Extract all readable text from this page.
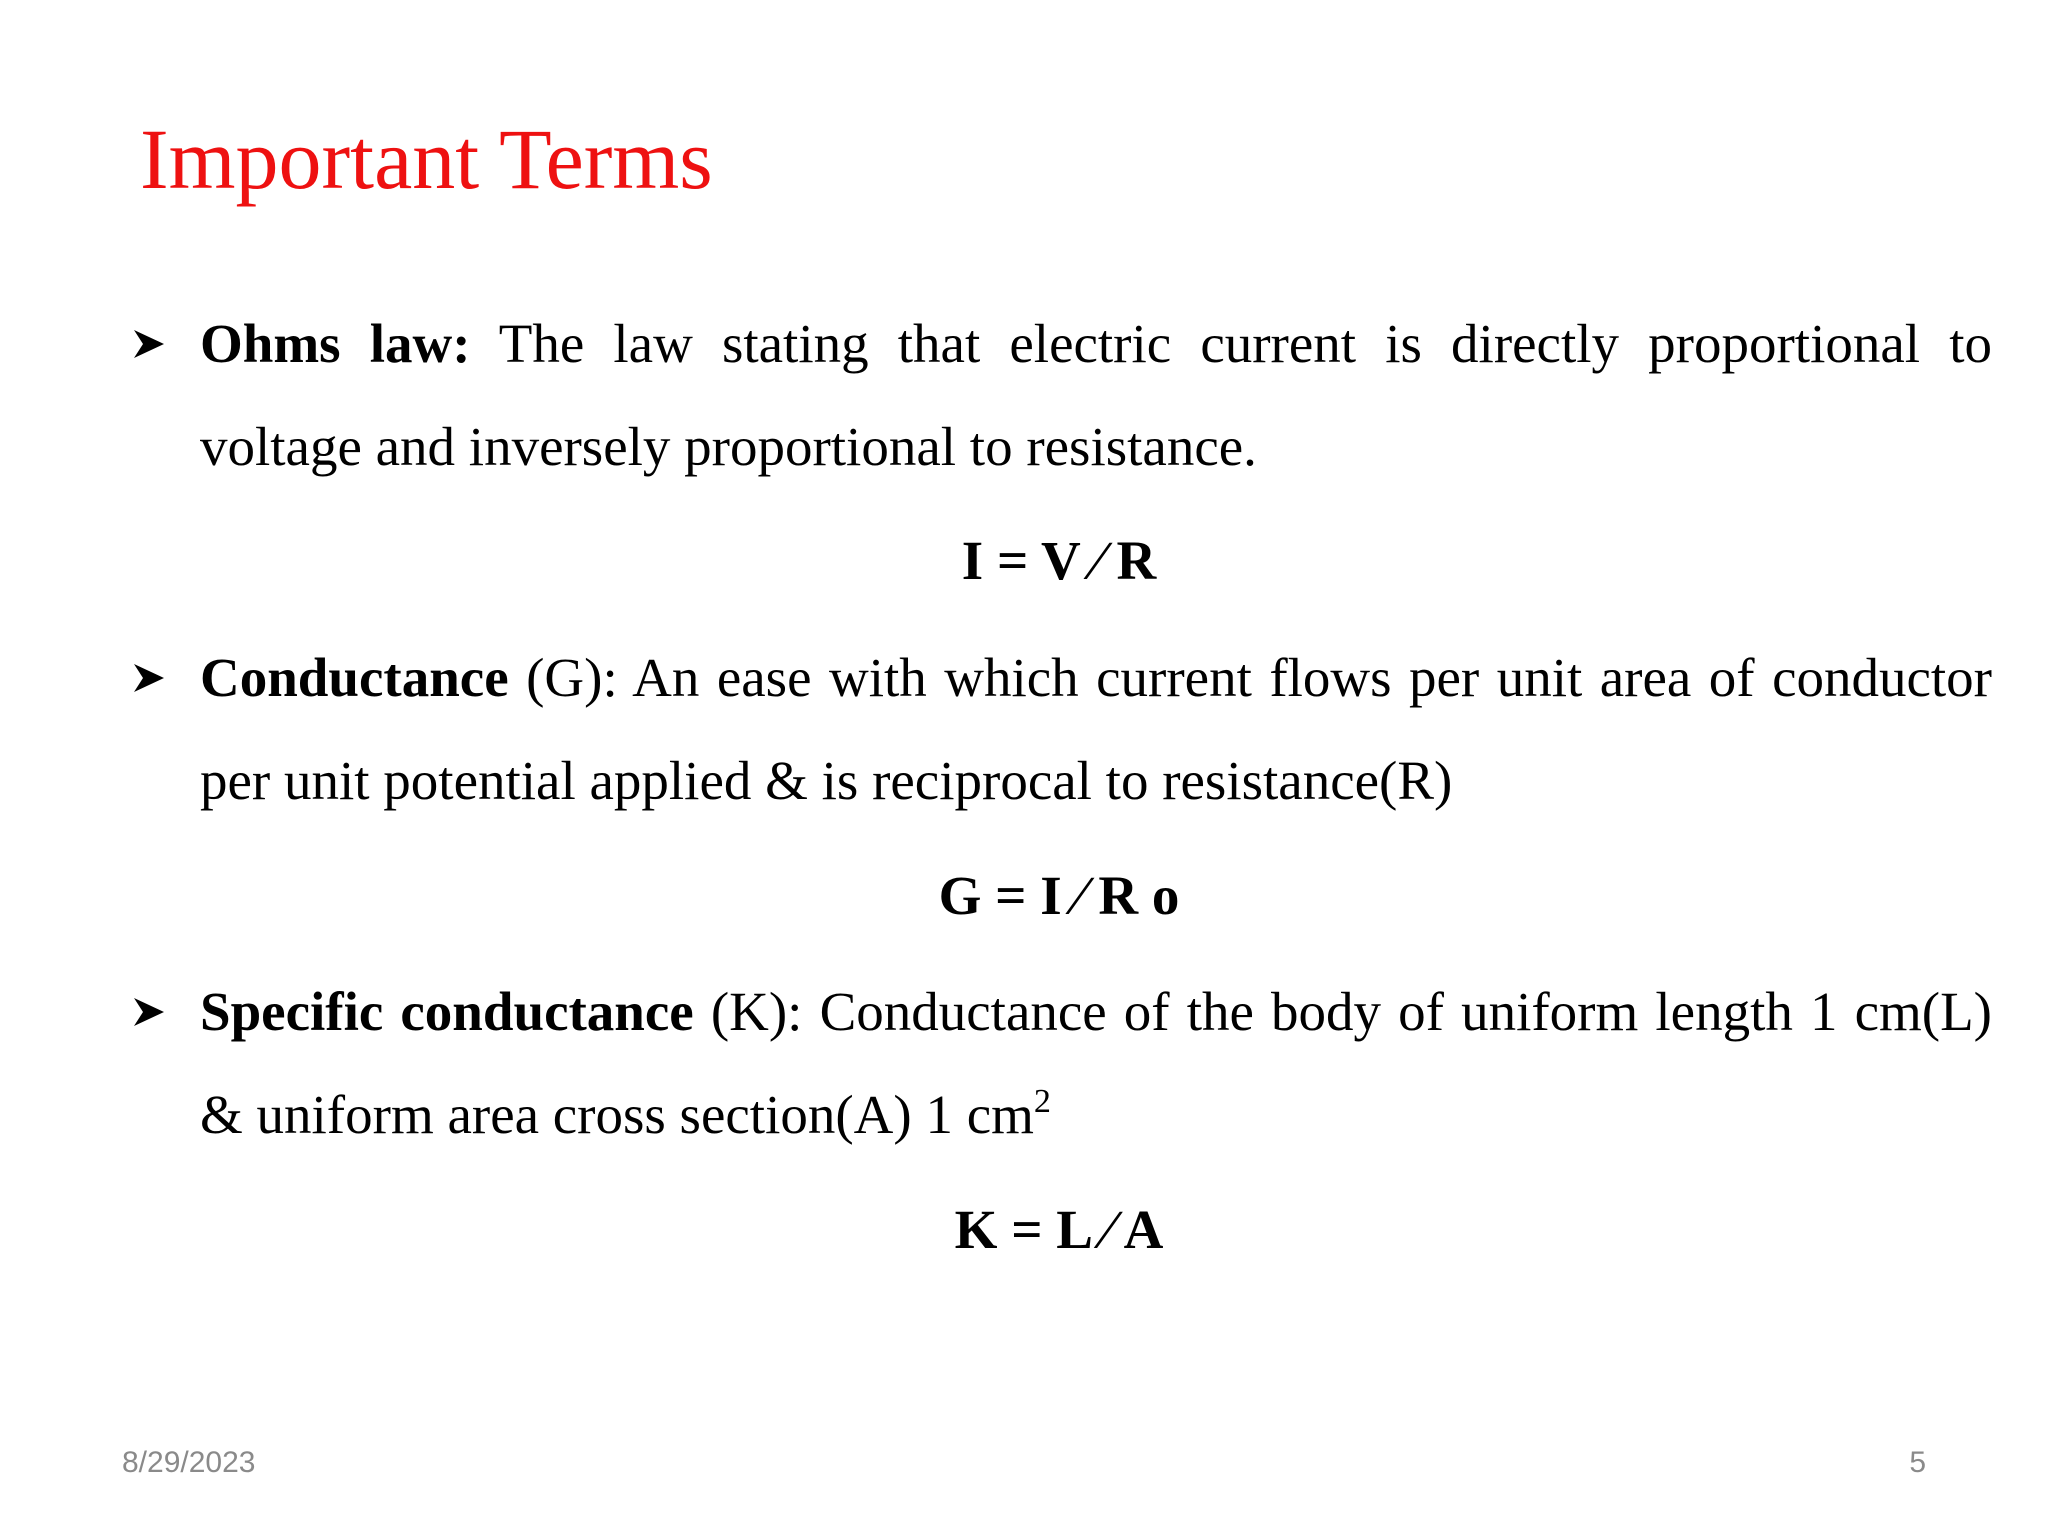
Important Terms
Ohms law: The law stating that electric current is directly proportional to voltage and inversely proportional to resistance.
I = V ⁄ R
Conductance (G): An ease with which current flows per unit area of conductor per unit potential applied & is reciprocal to resistance(R)
G = I ⁄ R o
Specific conductance (K): Conductance of the body of uniform length 1 cm(L) & uniform area cross section(A) 1 $cm^2$
K = L ⁄ A
8/29/2023	5
